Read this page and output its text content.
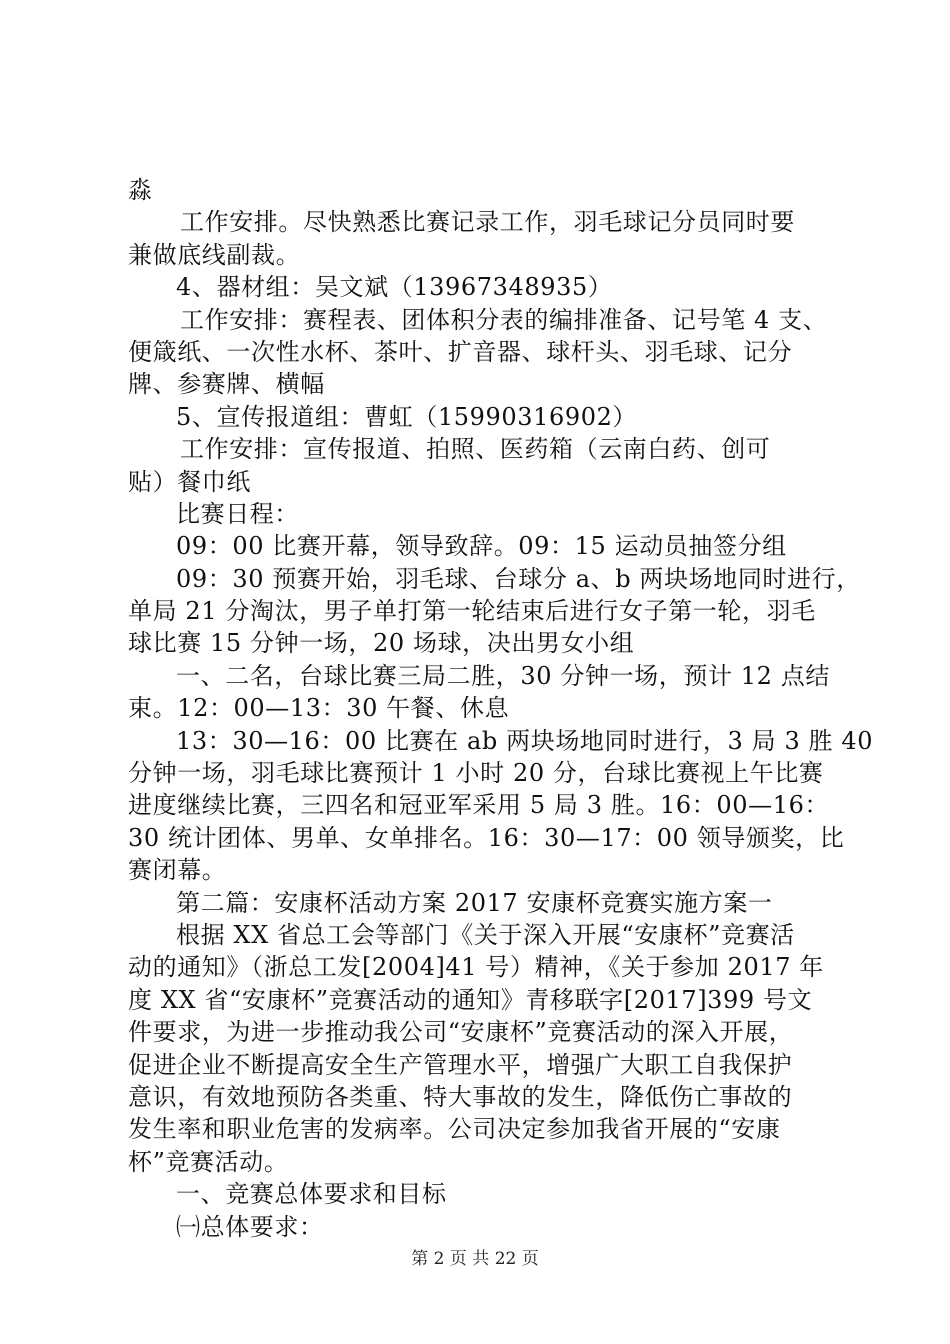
淼
工作安排。尽快熟悉比赛记录工作，羽毛球记分员同时要
兼做底线副裁。
4、器材组：吴文斌（13967348935）
工作安排：赛程表、团体积分表的编排准备、记号笔 4 支、
便箴纸、一次性水杯、茶叶、扩音器、球杆头、羽毛球、记分
牌、参赛牌、横幅
5、宣传报道组：曹虹（15990316902）
工作安排：宣传报道、拍照、医药箱（云南白药、创可
贴）餐巾纸
比赛日程：
09：00 比赛开幕，领导致辞。09：15 运动员抽签分组
09：30 预赛开始，羽毛球、台球分 a、b 两块场地同时进行，
单局 21 分淘汰，男子单打第一轮结束后进行女子第一轮，羽毛
球比赛 15 分钟一场，20 场球，决出男女小组
一、二名，台球比赛三局二胜，30 分钟一场，预计 12 点结
束。12：00—13：30 午餐、休息
13：30—16：00 比赛在 ab 两块场地同时进行，3 局 3 胜 40
分钟一场，羽毛球比赛预计 1 小时 20 分，台球比赛视上午比赛
进度继续比赛，三四名和冠亚军采用 5 局 3 胜。16：00—16：
30 统计团体、男单、女单排名。16：30—17：00 领导颁奖，比
赛闭幕。
第二篇：安康杯活动方案 2017 安康杯竞赛实施方案一
根据 XX 省总工会等部门《关于深入开展“安康杯”竞赛活
动的通知》（浙总工发[2004]41 号）精神，《关于参加 2017 年
度 XX 省“安康杯”竞赛活动的通知》青移联字[2017]399 号文
件要求，为进一步推动我公司“安康杯”竞赛活动的深入开展，
促进企业不断提高安全生产管理水平，增强广大职工自我保护
意识，有效地预防各类重、特大事故的发生，降低伤亡事故的
发生率和职业危害的发病率。公司决定参加我省开展的“安康
杯”竞赛活动。
一、竞赛总体要求和目标
㈠总体要求：
第 2 页 共 22 页
